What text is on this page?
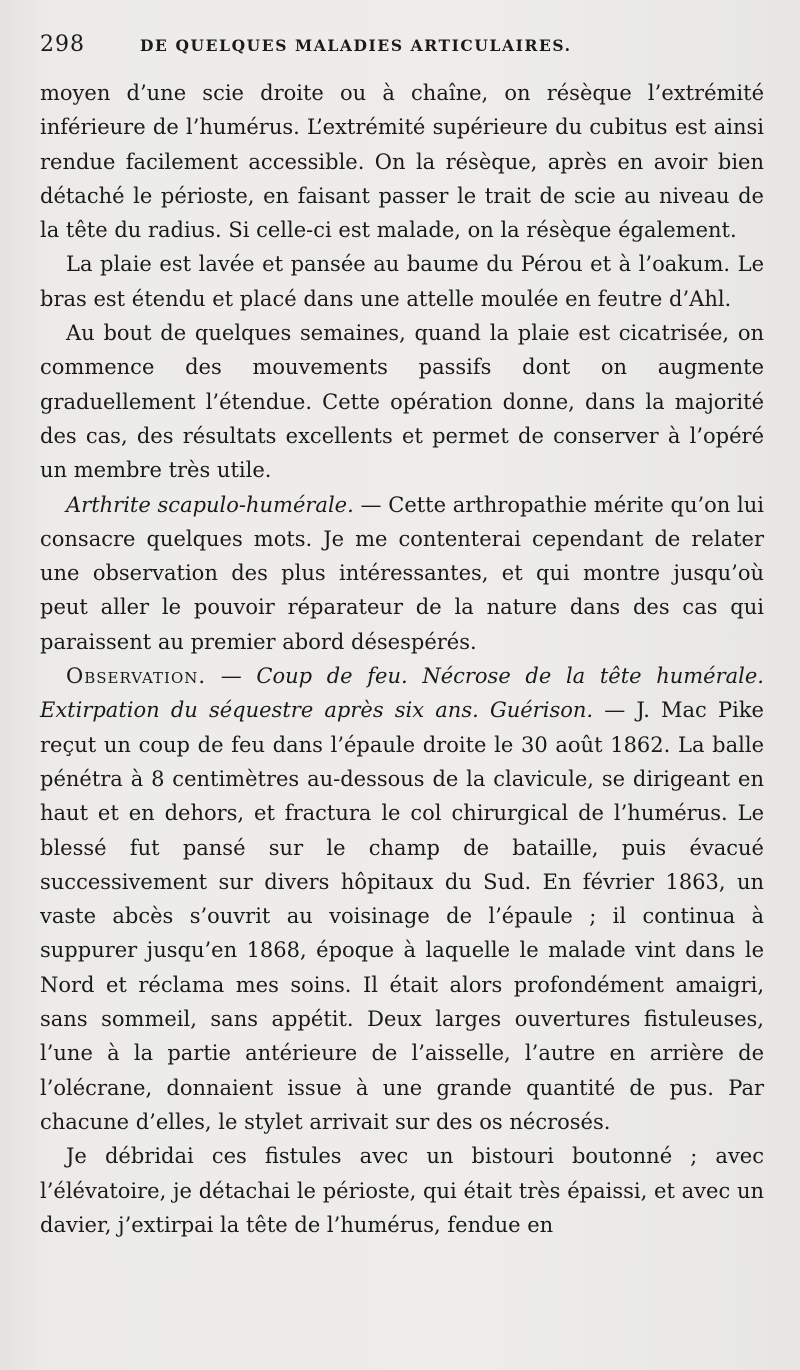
298	DE QUELQUES MALADIES ARTICULAIRES.

moyen d’une scie droite ou à chaîne, on résèque l’extrémité inférieure de l’humérus. L’extrémité supérieure du cubitus est ainsi rendue facilement accessible. On la résèque, après en avoir bien détaché le périoste, en faisant passer le trait de scie au niveau de la tête du radius. Si celle-ci est malade, on la résèque également.

La plaie est lavée et pansée au baume du Pérou et à l’oakum. Le bras est étendu et placé dans une attelle moulée en feutre d’Ahl.

Au bout de quelques semaines, quand la plaie est cicatrisée, on commence des mouvements passifs dont on augmente graduellement l’étendue. Cette opération donne, dans la majorité des cas, des résultats excellents et permet de conserver à l’opéré un membre très utile.

Arthrite scapulo-humérale. — Cette arthropathie mérite qu’on lui consacre quelques mots. Je me contenterai cependant de relater une observation des plus intéressantes, et qui montre jusqu’où peut aller le pouvoir réparateur de la nature dans des cas qui paraissent au premier abord désespérés.

Observation. — Coup de feu. Nécrose de la tête humérale. Extirpation du séquestre après six ans. Guérison. — J. Mac Pike reçut un coup de feu dans l’épaule droite le 30 août 1862. La balle pénétra à 8 centimètres au-dessous de la clavicule, se dirigeant en haut et en dehors, et fractura le col chirurgical de l’humérus. Le blessé fut pansé sur le champ de bataille, puis évacué successivement sur divers hôpitaux du Sud. En février 1863, un vaste abcès s’ouvrit au voisinage de l’épaule ; il continua à suppurer jusqu’en 1868, époque à laquelle le malade vint dans le Nord et réclama mes soins. Il était alors profondément amaigri, sans sommeil, sans appétit. Deux larges ouvertures fistuleuses, l’une à la partie antérieure de l’aisselle, l’autre en arrière de l’olécrane, donnaient issue à une grande quantité de pus. Par chacune d’elles, le stylet arrivait sur des os nécrosés.

Je débridai ces fistules avec un bistouri boutonné ; avec l’élévatoire, je détachai le périoste, qui était très épaissi, et avec un davier, j’extirpai la tête de l’humérus, fendue en
